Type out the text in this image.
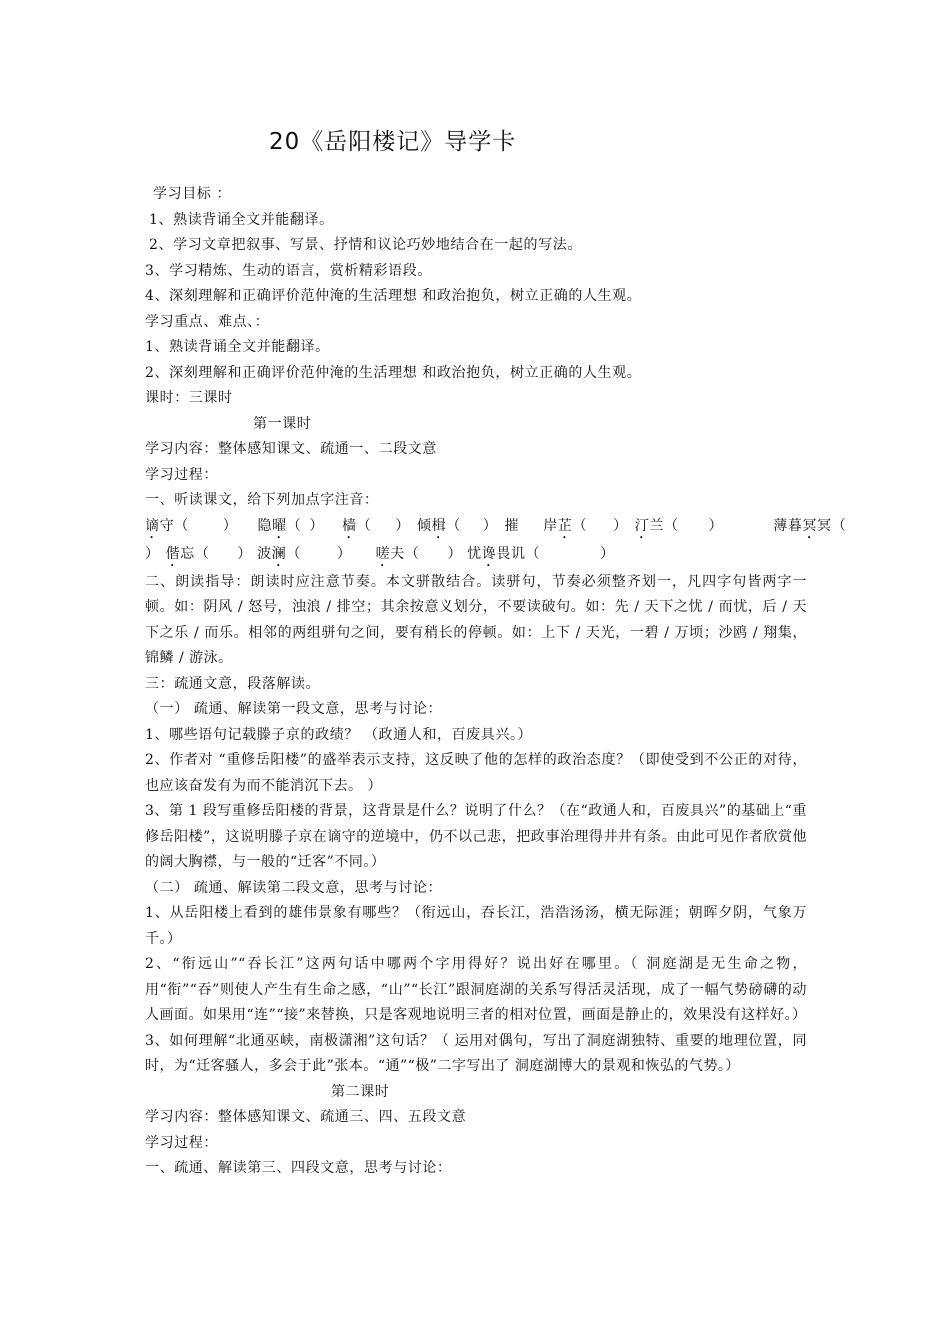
20《岳阳楼记》导学卡
学习目标 ：
1、熟读背诵全文并能翻译。
2、学习文章把叙事、写景、抒情和议论巧妙地结合在一起的写法。
3、学习精炼、生动的语言，赏析精彩语段。
4、深刻理解和正确评价范仲淹的生活理想 和政治抱负，树立正确的人生观。
学习重点、难点、：
1、熟读背诵全文并能翻译。
2、深刻理解和正确评价范仲淹的生活理想 和政治抱负，树立正确的人生观。
课时：三课时
第一课时
学习内容：整体感知课文、疏通一、二段文意
学习过程：
一、听读课文，给下列加点字注音：
谪守（ ） 隐曜（ ） 樯（ ） 倾楫（ ） 摧 岸芷（ ） 汀兰（ ）	薄暮冥冥（
） 偕忘（ ） 波澜（	） 嗟夫（ ） 忧谗畏讥（	）
二、朗读指导：朗读时应注意节奏。本文骈散结合。读骈句，节奏必须整齐划一，凡四字句皆两字一顿。如：阴风 / 怒号，浊浪 / 排空；其余按意义划分，不要读破句。如：先 / 天下之忧 / 而忧，后 / 天下之乐 / 而乐。相邻的两组骈句之间，要有稍长的停顿。如：上下 / 天光，一碧 / 万顷；沙鸥 / 翔集，锦鳞 / 游泳。
三：疏通文意，段落解读。
（一） 疏通、解读第一段文意，思考与讨论：
1、哪些语句记载滕子京的政绩？ （政通人和，百废具兴。）
2、作者对 “重修岳阳楼”的盛举表示支持，这反映了他的怎样的政治态度？（即使受到不公正的对待，也应该奋发有为而不能消沉下去。 ）
3、第 1 段写重修岳阳楼的背景，这背景是什么？说明了什么？（在“政通人和，百废具兴”的基础上“重修岳阳楼”，这说明滕子京在谪守的逆境中，仍不以己悲，把政事治理得井井有条。由此可见作者欣赏他的阔大胸襟，与一般的“迁客”不同。）
（二） 疏通、解读第二段文意，思考与讨论：
1、从岳阳楼上看到的雄伟景象有哪些？（衔远山，吞长江，浩浩汤汤，横无际涯；朝晖夕阴，气象万千。）
2、“衔远山”“吞长江”这两句话中哪两个字用得好？说出好在哪里。（ 洞庭湖是无生命之物，用“衔”“吞”则使人产生有生命之感，“山”“长江”跟洞庭湖的关系写得活灵活现，成了一幅气势磅礴的动人画面。如果用“连”“接”来替换，只是客观地说明三者的相对位置，画面是静止的，效果没有这样好。）
3、如何理解“北通巫峡，南极潇湘”这句话？（ 运用对偶句，写出了洞庭湖独特、重要的地理位置，同时，为“迁客骚人，多会于此”张本。“通”“极”二字写出了 洞庭湖博大的景观和恢弘的气势。）
第二课时
学习内容：整体感知课文、疏通三、四、五段文意
学习过程：
一、疏通、解读第三、四段文意，思考与讨论：
